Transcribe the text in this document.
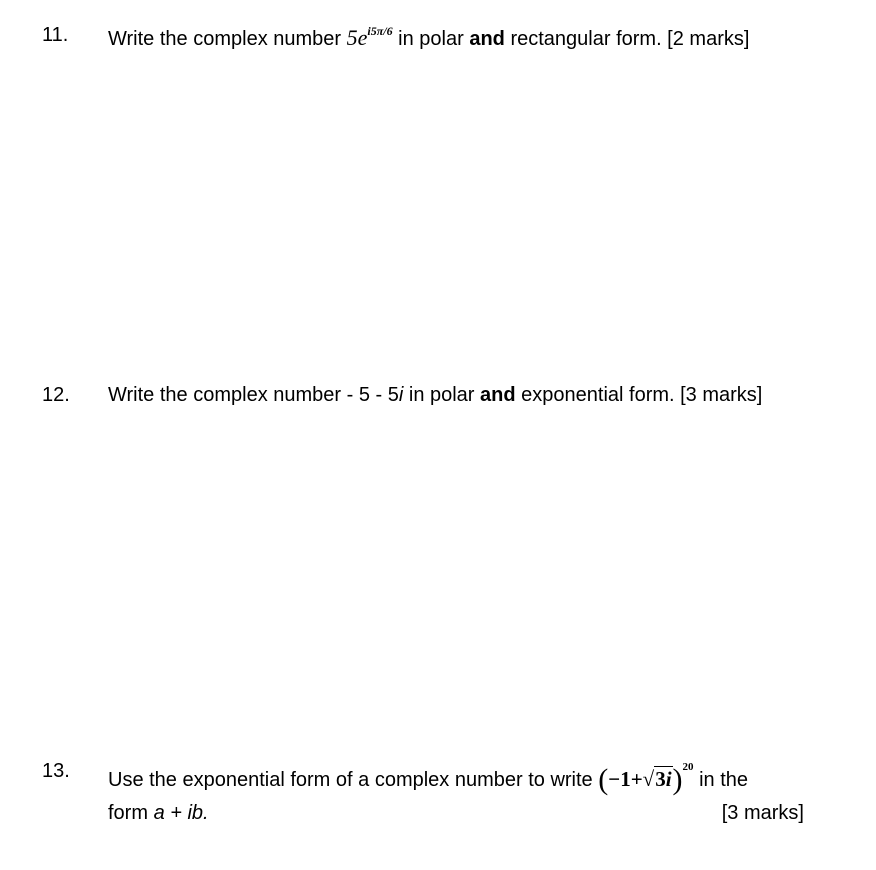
11. Write the complex number $5e^{i5\pi/6}$ in polar and rectangular form. [2 marks]
12. Write the complex number - 5 - 5i in polar and exponential form. [3 marks]
13. Use the exponential form of a complex number to write $(-1+√3i)^{20}$ in the
form a + ib.	[3 marks]
